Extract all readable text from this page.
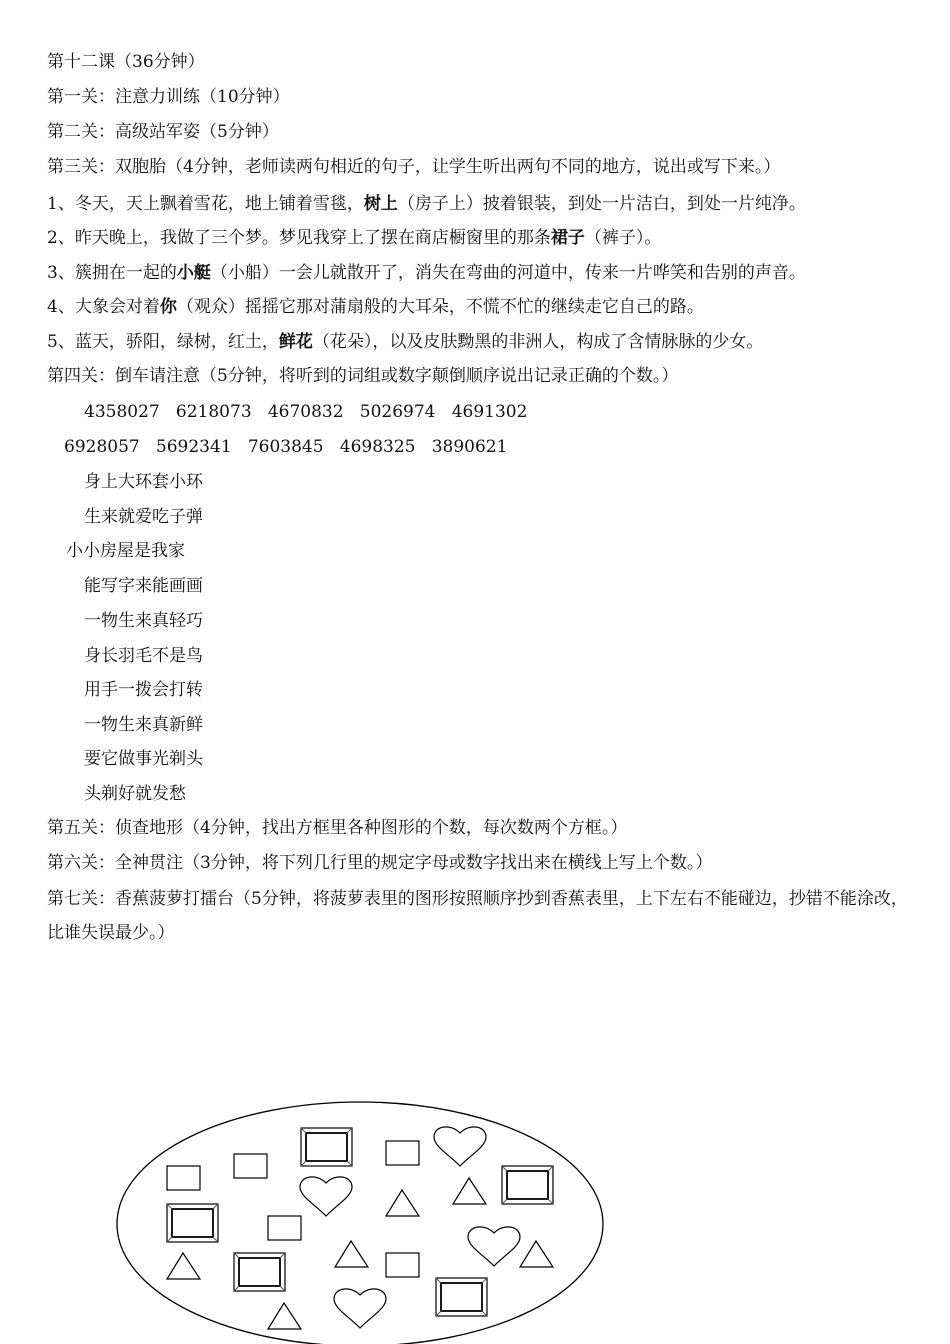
第十二课（36分钟）
第一关：注意力训练（10分钟）
第二关：高级站军姿（5分钟）
第三关：双胞胎（4分钟，老师读两句相近的句子，让学生听出两句不同的地方，说出或写下来。）
1、冬天，天上飘着雪花，地上铺着雪毯，树上（房子上）披着银装，到处一片洁白，到处一片纯净。
2、昨天晚上，我做了三个梦。梦见我穿上了摆在商店橱窗里的那条裙子（裤子）。
3、簇拥在一起的小艇（小船）一会儿就散开了，消失在弯曲的河道中，传来一片哗笑和告别的声音。
4、大象会对着你（观众）摇摇它那对蒲扇般的大耳朵，不慌不忙的继续走它自己的路。
5、蓝天，骄阳，绿树，红土，鲜花（花朵），以及皮肤黝黑的非洲人，构成了含情脉脉的少女。
第四关：倒车请注意（5分钟，将听到的词组或数字颠倒顺序说出记录正确的个数。）
4358027   6218073   4670832   5026974   4691302
6928057   5692341   7603845   4698325   3890621
身上大环套小环
生来就爱吃子弹
小小房屋是我家
能写字来能画画
一物生来真轻巧
身长羽毛不是鸟
用手一拨会打转
一物生来真新鲜
要它做事光剃头
头剃好就发愁
第五关：侦查地形（4分钟，找出方框里各种图形的个数，每次数两个方框。）
第六关：全神贯注（3分钟，将下列几行里的规定字母或数字找出来在横线上写上个数。）
第七关：香蕉菠萝打擂台（5分钟，将菠萝表里的图形按照顺序抄到香蕉表里，上下左右不能碰边，抄错不能涂改，比谁失误最少。）
